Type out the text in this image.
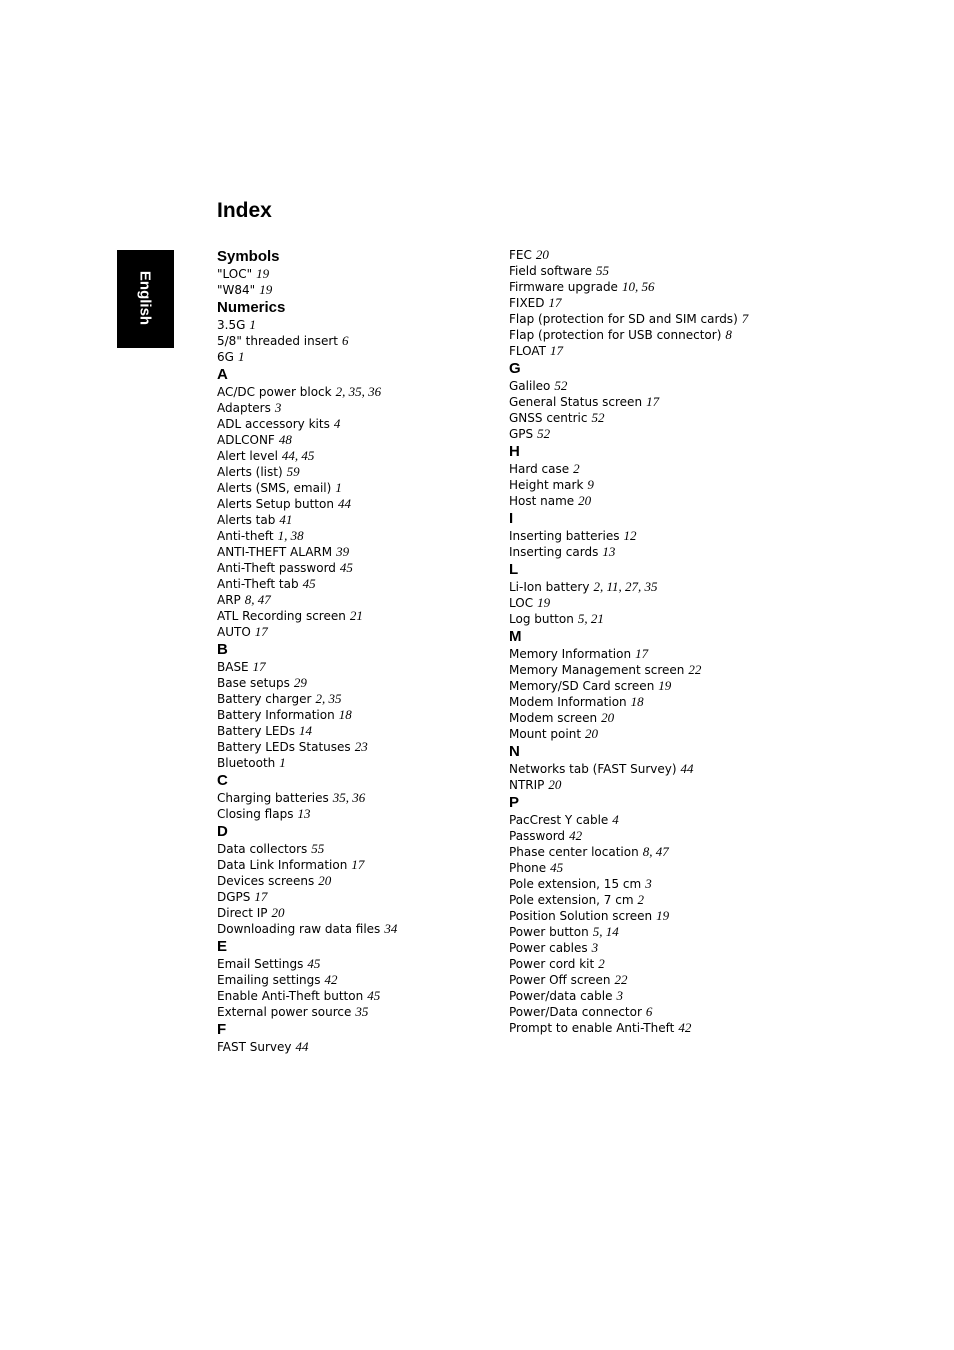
English
Index
Symbols
"LOC" 19
"W84" 19
Numerics
3.5G 1
5/8" threaded insert 6
6G 1
A
AC/DC power block 2, 35, 36
Adapters 3
ADL accessory kits 4
ADLCONF 48
Alert level 44, 45
Alerts (list) 59
Alerts (SMS, email) 1
Alerts Setup button 44
Alerts tab 41
Anti-theft 1, 38
ANTI-THEFT ALARM 39
Anti-Theft password 45
Anti-Theft tab 45
ARP 8, 47
ATL Recording screen 21
AUTO 17
B
BASE 17
Base setups 29
Battery charger 2, 35
Battery Information 18
Battery LEDs 14
Battery LEDs Statuses 23
Bluetooth 1
C
Charging batteries 35, 36
Closing flaps 13
D
Data collectors 55
Data Link Information 17
Devices screens 20
DGPS 17
Direct IP 20
Downloading raw data files 34
E
Email Settings 45
Emailing settings 42
Enable Anti-Theft button 45
External power source 35
F
FAST Survey 44
FEC 20
Field software 55
Firmware upgrade 10, 56
FIXED 17
Flap (protection for SD and SIM cards) 7
Flap (protection for USB connector) 8
FLOAT 17
G
Galileo 52
General Status screen 17
GNSS centric 52
GPS 52
H
Hard case 2
Height mark 9
Host name 20
I
Inserting batteries 12
Inserting cards 13
L
Li-Ion battery 2, 11, 27, 35
LOC 19
Log button 5, 21
M
Memory Information 17
Memory Management screen 22
Memory/SD Card screen 19
Modem Information 18
Modem screen 20
Mount point 20
N
Networks tab (FAST Survey) 44
NTRIP 20
P
PacCrest Y cable 4
Password 42
Phase center location 8, 47
Phone 45
Pole extension, 15 cm 3
Pole extension, 7 cm 2
Position Solution screen 19
Power button 5, 14
Power cables 3
Power cord kit 2
Power Off screen 22
Power/data cable 3
Power/Data connector 6
Prompt to enable Anti-Theft 42
